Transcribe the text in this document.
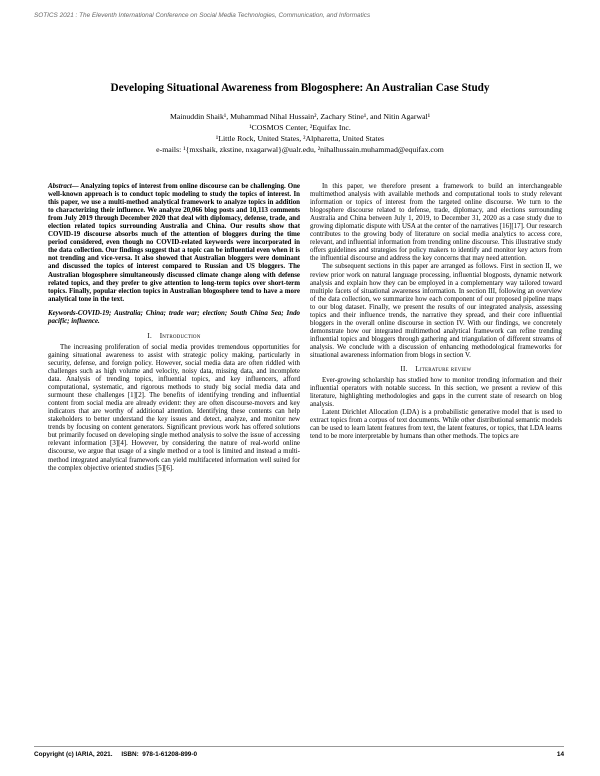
SOTICS 2021 : The Eleventh International Conference on Social Media Technologies, Communication, and Informatics
Developing Situational Awareness from Blogosphere: An Australian Case Study
Mainuddin Shaik¹, Muhammad Nihal Hussain², Zachary Stine¹, and Nitin Agarwal¹
¹COSMOS Center, ²Equifax Inc.
¹Little Rock, United States, ²Alpharetta, United States
e-mails: ¹{mxshaik, zkstine, nxagarwal}@ualr.edu, ²nihalhussain.muhammad@equifax.com

Abstract— Analyzing topics of interest from online discourse can be challenging. One well-known approach is to conduct topic modeling to study the topics of interest. In this paper, we use a multi-method analytical framework to analyze topics in addition to characterizing their influence. We analyze 20,066 blog posts and 10,113 comments from July 2019 through December 2020 that deal with diplomacy, defense, trade, and election related topics surrounding Australia and China. Our results show that COVID-19 discourse absorbs much of the attention of bloggers during the time period considered, even though no COVID-related keywords were incorporated in the data collection. Our findings suggest that a topic can be influential even when it is not trending and vice-versa. It also showed that Australian bloggers were dominant and discussed the topics of interest compared to Russian and US bloggers. The Australian blogosphere simultaneously discussed climate change along with defense related topics, and they prefer to give attention to long-term topics over short-term topics. Finally, popular election topics in Australian blogosphere tend to have a more analytical tone in the text.

Keywords-COVID-19; Australia; China; trade war; election; South China Sea; Indo pacific; influence.

I. Introduction

The increasing proliferation of social media provides tremendous opportunities for gaining situational awareness to assist with strategic policy making, particularly in security, defense, and foreign policy. However, social media data are often riddled with challenges such as high volume and velocity, noisy data, missing data, and incomplete data. Analysis of trending topics, influential topics, and key influencers, afford computational, systematic, and rigorous methods to study big social media data and surmount these challenges [1][2]. The benefits of identifying trending and influential content from social media are already evident: they are often discourse-movers and key indicators that are worthy of additional attention. Identifying these contents can help stakeholders to better understand the key issues and detect, analyze, and monitor new trends by focusing on content generators. Significant previous work has offered solutions but primarily focused on developing single method analysis to solve the issue of accessing relevant information [3][4]. However, by considering the nature of real-world online discourse, we argue that usage of a single method or a tool is limited and instead a multi-method integrated analytical framework can yield multifaceted information well suited for the complex objective oriented studies [5][6].

In this paper, we therefore present a framework to build an interchangeable multimethod analysis with available methods and computational tools to study relevant information or topics of interest from the targeted online discourse. We turn to the blogosphere discourse related to defense, trade, diplomacy, and elections surrounding Australia and China between July 1, 2019, to December 31, 2020 as a case study due to growing diplomatic dispute with USA at the center of the narratives [16][17]. Our research contributes to the growing body of literature on social media analytics to access core, relevant, and influential information from trending online discourse. This illustrative study offers guidelines and strategies for policy makers to identify and monitor key actors from the influential discourse and address the key concerns that may need attention.

The subsequent sections in this paper are arranged as follows. First in section II, we review prior work on natural language processing, influential blogposts, dynamic network analysis and explain how they can be employed in a complementary way tailored toward multiple facets of situational awareness information. In section III, following an overview of the data collection, we summarize how each component of our proposed pipeline maps to our blog dataset. Finally, we present the results of our integrated analysis, assessing topics and their influence trends, the narrative they spread, and their core influential bloggers in the overall online discourse in section IV. With our findings, we concretely demonstrate how our integrated multimethod analytical framework can refine trending influential topics and bloggers through gathering and triangulation of different streams of analysis. We conclude with a discussion of enhancing methodological frameworks for situational awareness information from blogs in section V.

II. Literature review

Ever-growing scholarship has studied how to monitor trending information and their influential operators with notable success. In this section, we present a review of this literature, highlighting methodologies and gaps in the current state of research on blog analysis.

Latent Dirichlet Allocation (LDA) is a probabilistic generative model that is used to extract topics from a corpus of text documents. While other distributional semantic models can be used to learn latent features from text, the latent features, or topics, that LDA learns tend to be more interpretable by humans than other methods. The topics are

Copyright (c) IARIA, 2021.     ISBN:  978-1-61208-899-0	14
